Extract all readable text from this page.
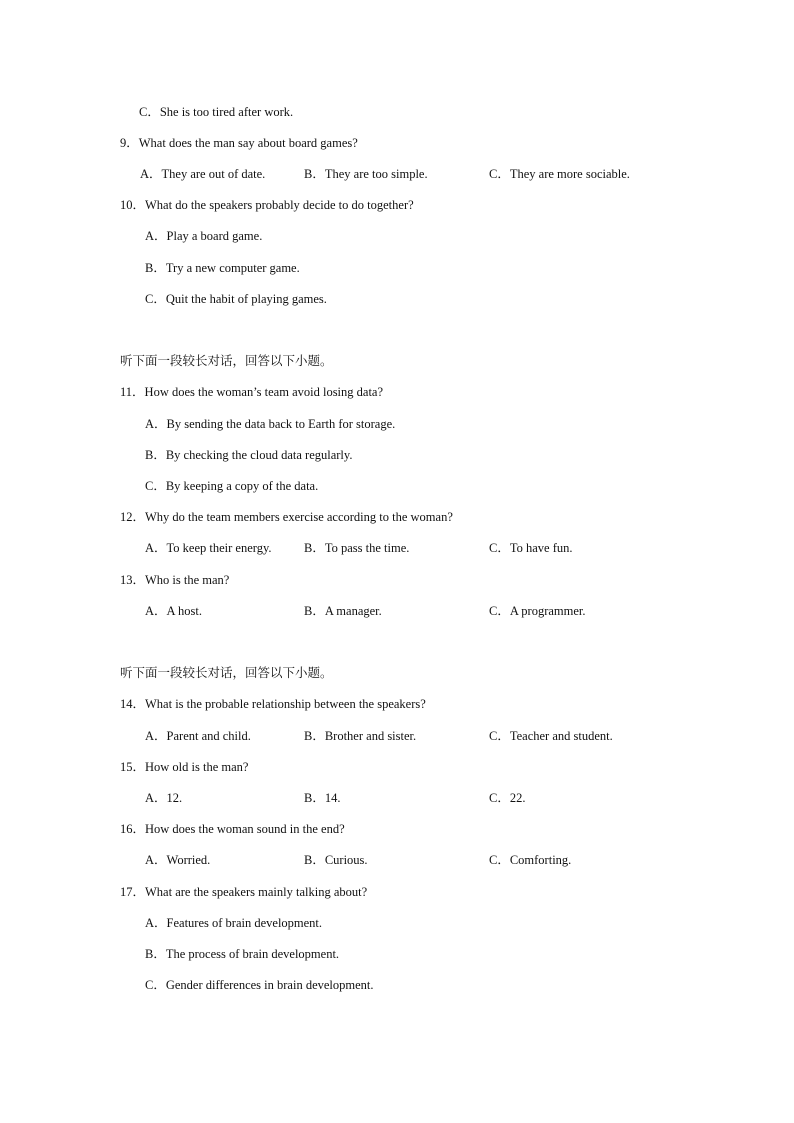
C．She is too tired after work.
9．What does the man say about board games?
A．They are out of date.	B．They are too simple.	C．They are more sociable.
10．What do the speakers probably decide to do together?
A．Play a board game.
B．Try a new computer game.
C．Quit the habit of playing games.
听下面一段较长对话，回答以下小题。
11．How does the woman’s team avoid losing data?
A．By sending the data back to Earth for storage.
B．By checking the cloud data regularly.
C．By keeping a copy of the data.
12．Why do the team members exercise according to the woman?
A．To keep their energy.	B．To pass the time.	C．To have fun.
13．Who is the man?
A．A host.	B．A manager.	C．A programmer.
听下面一段较长对话，回答以下小题。
14．What is the probable relationship between the speakers?
A．Parent and child.	B．Brother and sister.	C．Teacher and student.
15．How old is the man?
A．12.	B．14.	C．22.
16．How does the woman sound in the end?
A．Worried.	B．Curious.	C．Comforting.
17．What are the speakers mainly talking about?
A．Features of brain development.
B．The process of brain development.
C．Gender differences in brain development.
